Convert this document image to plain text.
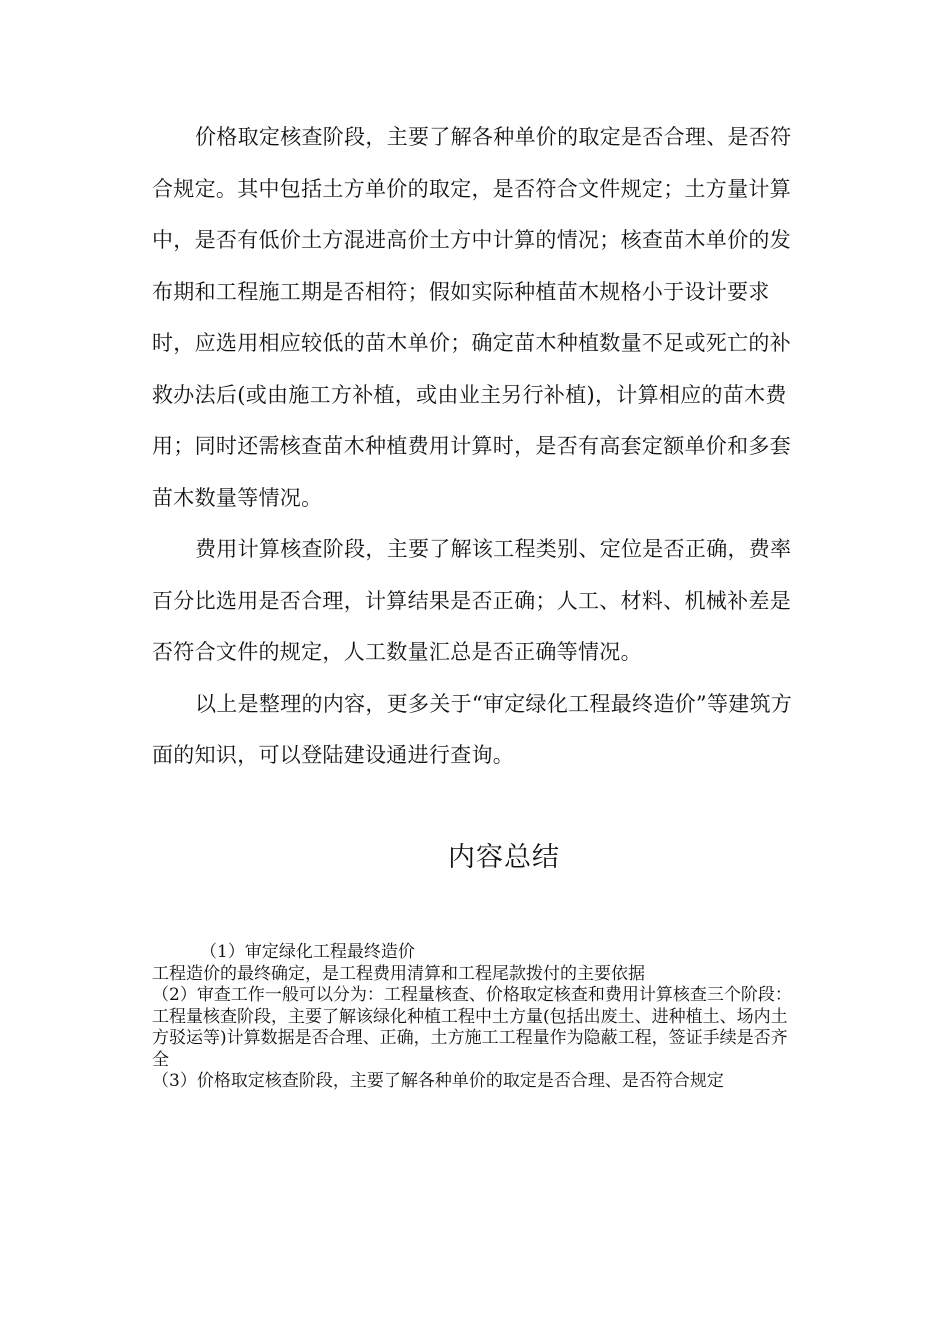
价格取定核查阶段，主要了解各种单价的取定是否合理、是否符合规定。其中包括土方单价的取定，是否符合文件规定；土方量计算中，是否有低价土方混进高价土方中计算的情况；核查苗木单价的发布期和工程施工期是否相符；假如实际种植苗木规格小于设计要求时，应选用相应较低的苗木单价；确定苗木种植数量不足或死亡的补救办法后(或由施工方补植，或由业主另行补植)，计算相应的苗木费用；同时还需核查苗木种植费用计算时，是否有高套定额单价和多套苗木数量等情况。

费用计算核查阶段，主要了解该工程类别、定位是否正确，费率百分比选用是否合理，计算结果是否正确；人工、材料、机械补差是否符合文件的规定，人工数量汇总是否正确等情况。

以上是整理的内容，更多关于“审定绿化工程最终造价”等建筑方面的知识，可以登陆建设通进行查询。

内容总结

（1）审定绿化工程最终造价

工程造价的最终确定，是工程费用清算和工程尾款拨付的主要依据

（2）审查工作一般可以分为：工程量核查、价格取定核查和费用计算核查三个阶段：

工程量核查阶段，主要了解该绿化种植工程中土方量(包括出废土、进种植土、场内土方驳运等)计算数据是否合理、正确，土方施工工程量作为隐蔽工程，签证手续是否齐全

（3）价格取定核查阶段，主要了解各种单价的取定是否合理、是否符合规定
